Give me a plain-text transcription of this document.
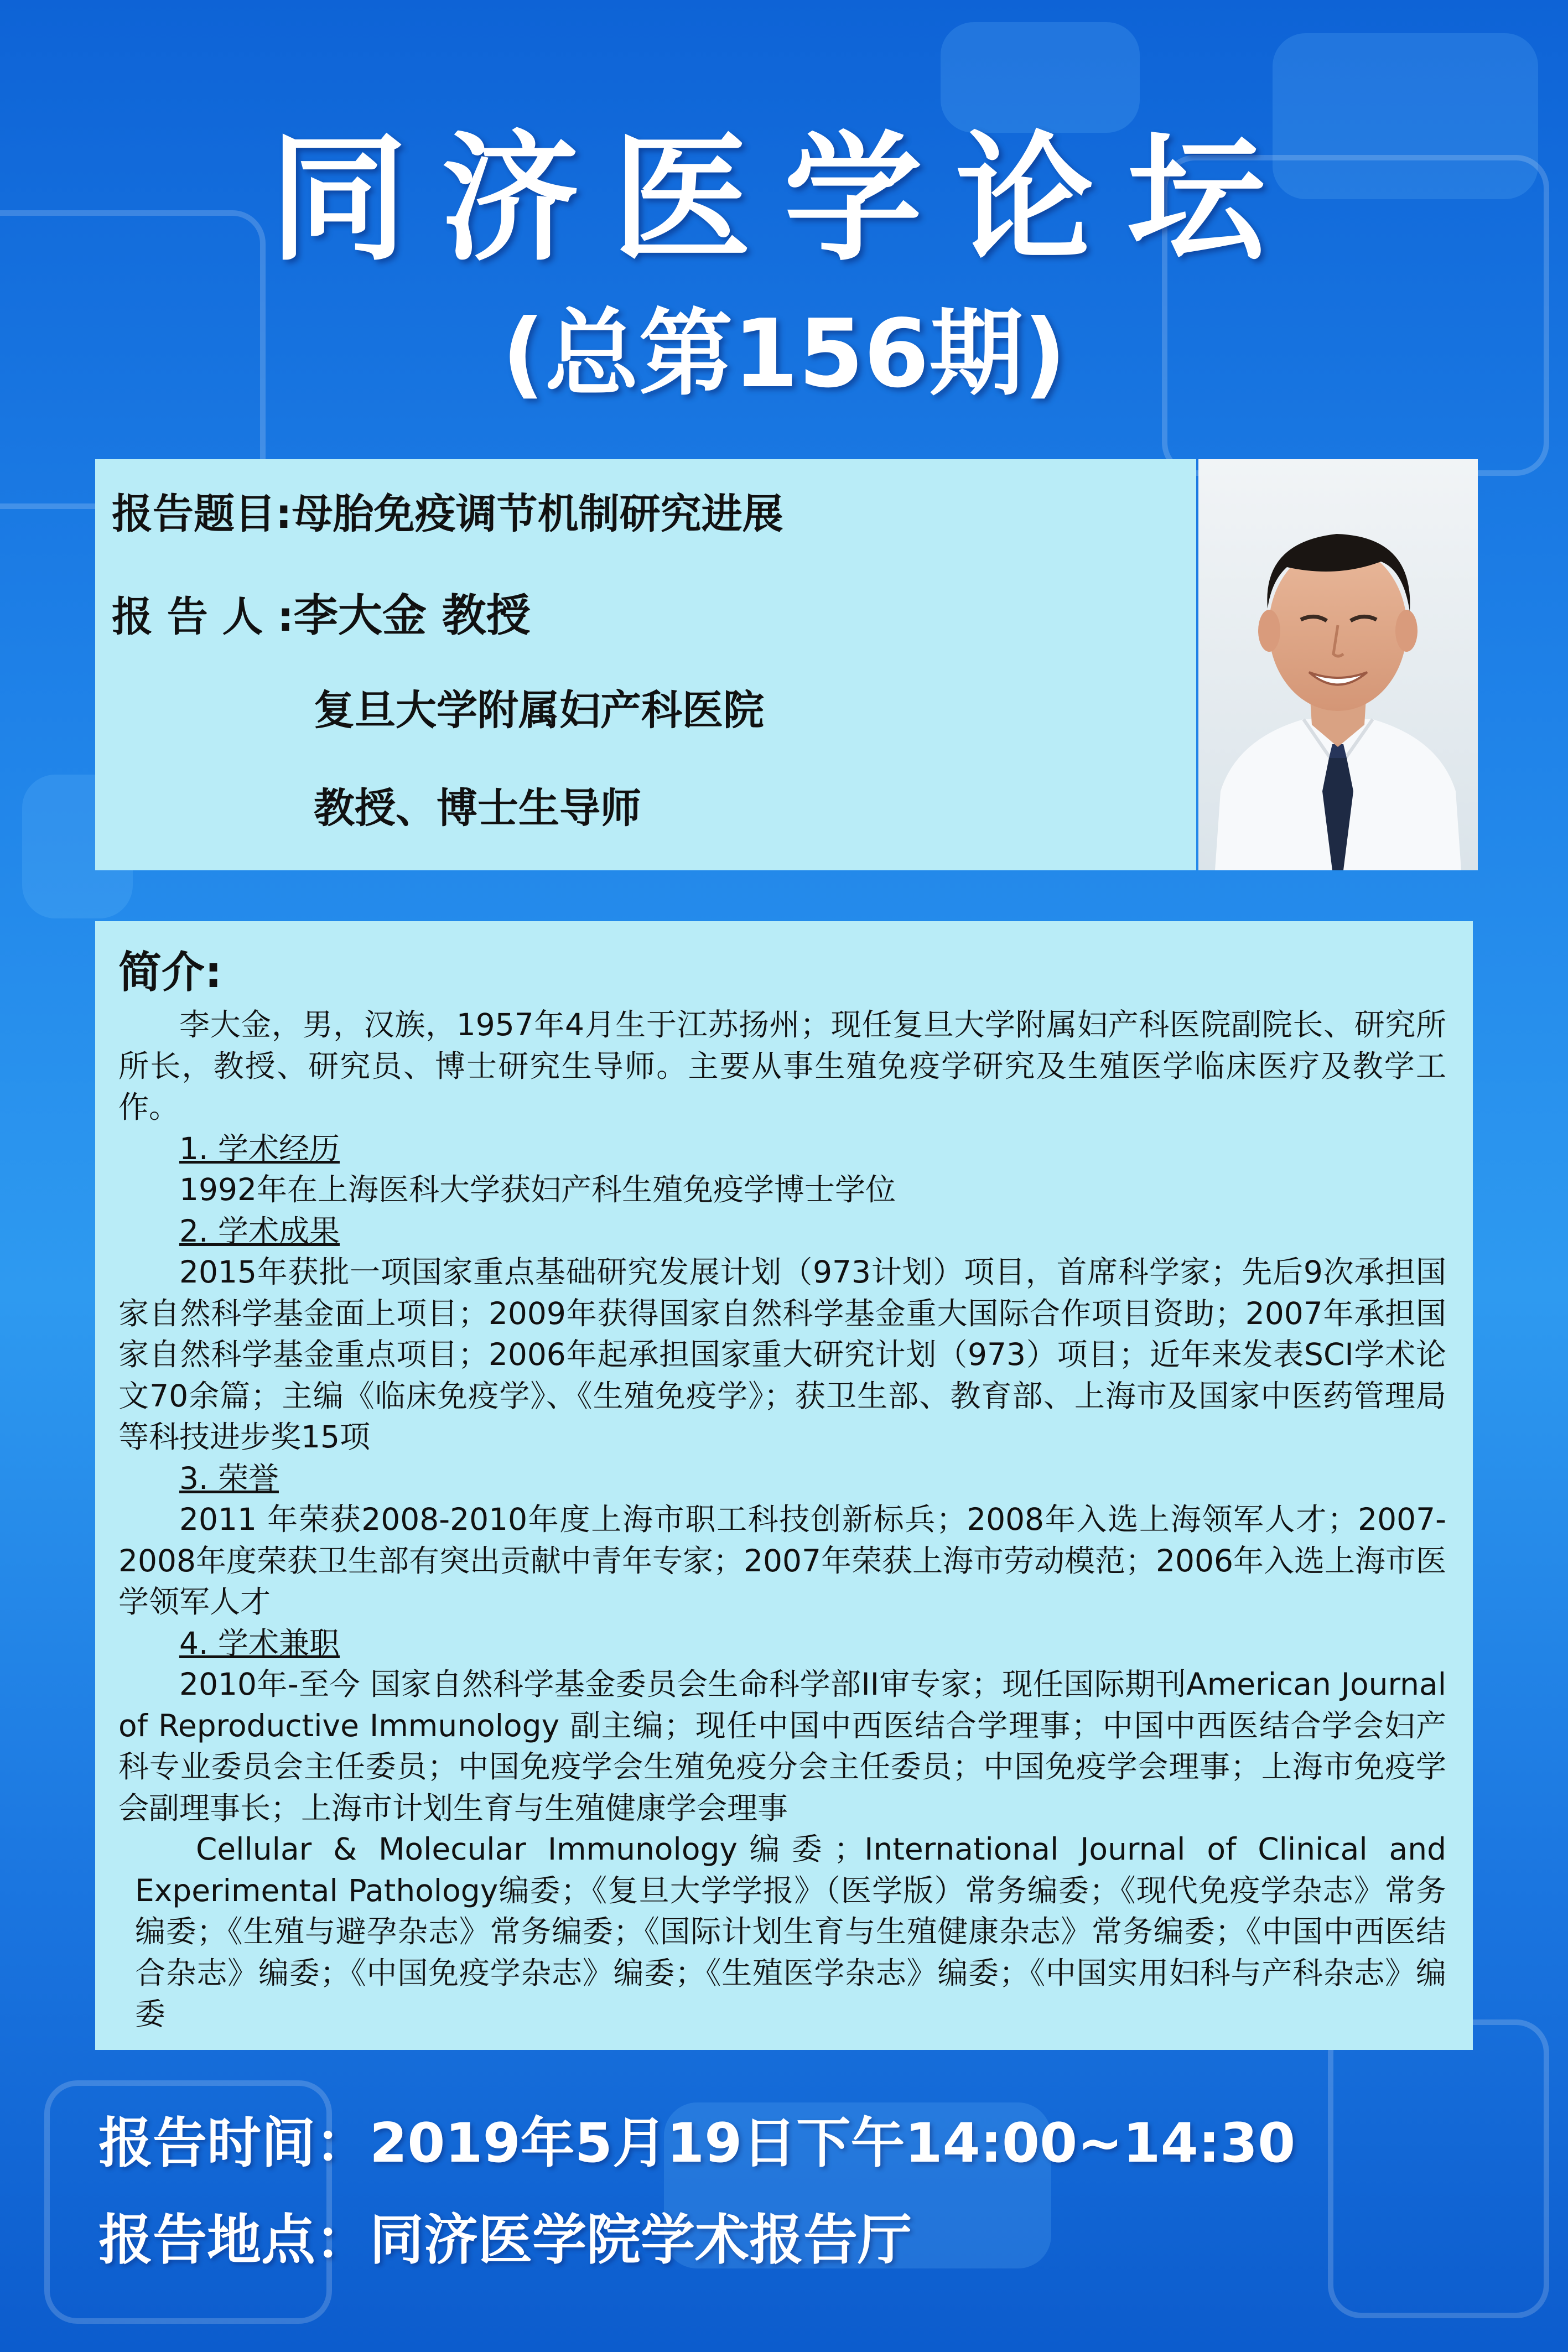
同济医学论坛
(总第156期)
报告题目:母胎免疫调节机制研究进展
报 告 人 :李大金 教授
复旦大学附属妇产科医院
教授、博士生导师
简介:

李大金，男，汉族，1957年4月生于江苏扬州；现任复旦大学附属妇产科医院副院长、研究所所长，教授、研究员、博士研究生导师。主要从事生殖免疫学研究及生殖医学临床医疗及教学工作。

1. 学术经历

1992年在上海医科大学获妇产科生殖免疫学博士学位

2. 学术成果

2015年获批一项国家重点基础研究发展计划（973计划）项目，首席科学家；先后9次承担国家自然科学基金面上项目；2009年获得国家自然科学基金重大国际合作项目资助；2007年承担国家自然科学基金重点项目；2006年起承担国家重大研究计划（973）项目；近年来发表SCI学术论文70余篇；主编《临床免疫学》、《生殖免疫学》；获卫生部、教育部、上海市及国家中医药管理局等科技进步奖15项

3. 荣誉

2011 年荣获2008-2010年度上海市职工科技创新标兵；2008年入选上海领军人才；2007-2008年度荣获卫生部有突出贡献中青年专家；2007年荣获上海市劳动模范；2006年入选上海市医学领军人才

4. 学术兼职

2010年-至今 国家自然科学基金委员会生命科学部II审专家；现任国际期刊American Journal of Reproductive Immunology 副主编；现任中国中西医结合学理事；中国中西医结合学会妇产科专业委员会主任委员；中国免疫学会生殖免疫分会主任委员；中国免疫学会理事；上海市免疫学会副理事长；上海市计划生育与生殖健康学会理事

Cellular & Molecular Immunology编委；International Journal of Clinical and Experimental Pathology编委；《复旦大学学报》（医学版）常务编委；《现代免疫学杂志》常务编委；《生殖与避孕杂志》常务编委；《国际计划生育与生殖健康杂志》常务编委；《中国中西医结合杂志》编委；《中国免疫学杂志》编委；《生殖医学杂志》编委；《中国实用妇科与产科杂志》编委

报告时间：2019年5月19日下午14:00~14:30
报告地点：同济医学院学术报告厅
